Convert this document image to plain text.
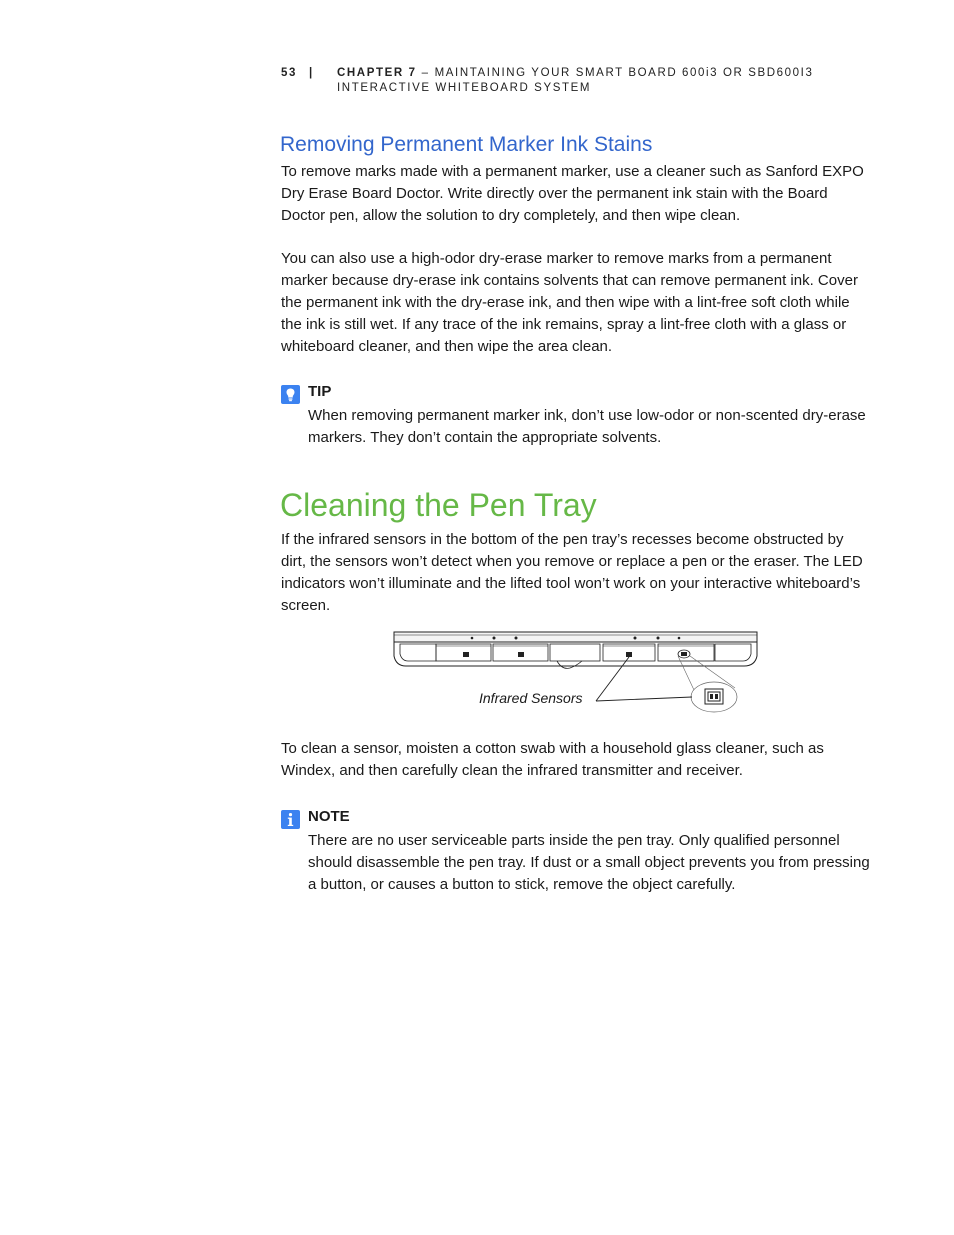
53	|	CHAPTER 7 – MAINTAINING YOUR SMART BOARD 600i3 OR SBD600I3
INTERACTIVE WHITEBOARD SYSTEM
Removing Permanent Marker Ink Stains

To remove marks made with a permanent marker, use a cleaner such as Sanford EXPO Dry Erase Board Doctor. Write directly over the permanent ink stain with the Board Doctor pen, allow the solution to dry completely, and then wipe clean.

You can also use a high-odor dry-erase marker to remove marks from a permanent marker because dry-erase ink contains solvents that can remove permanent ink. Cover the permanent ink with the dry-erase ink, and then wipe with a lint-free soft cloth while the ink is still wet. If any trace of the ink remains, spray a lint-free cloth with a glass or whiteboard cleaner, and then wipe the area clean.

TIP

When removing permanent marker ink, don’t use low-odor or non-scented dry-erase markers. They don’t contain the appropriate solvents.

Cleaning the Pen Tray

If the infrared sensors in the bottom of the pen tray’s recesses become obstructed by dirt, the sensors won’t detect when you remove or replace a pen or the eraser. The LED indicators won’t illuminate and the lifted tool won’t work on your interactive whiteboard’s screen.

Infrared Sensors

To clean a sensor, moisten a cotton swab with a household glass cleaner, such as Windex, and then carefully clean the infrared transmitter and receiver.

NOTE

There are no user serviceable parts inside the pen tray. Only qualified personnel should disassemble the pen tray. If dust or a small object prevents you from pressing a button, or causes a button to stick, remove the object carefully.
